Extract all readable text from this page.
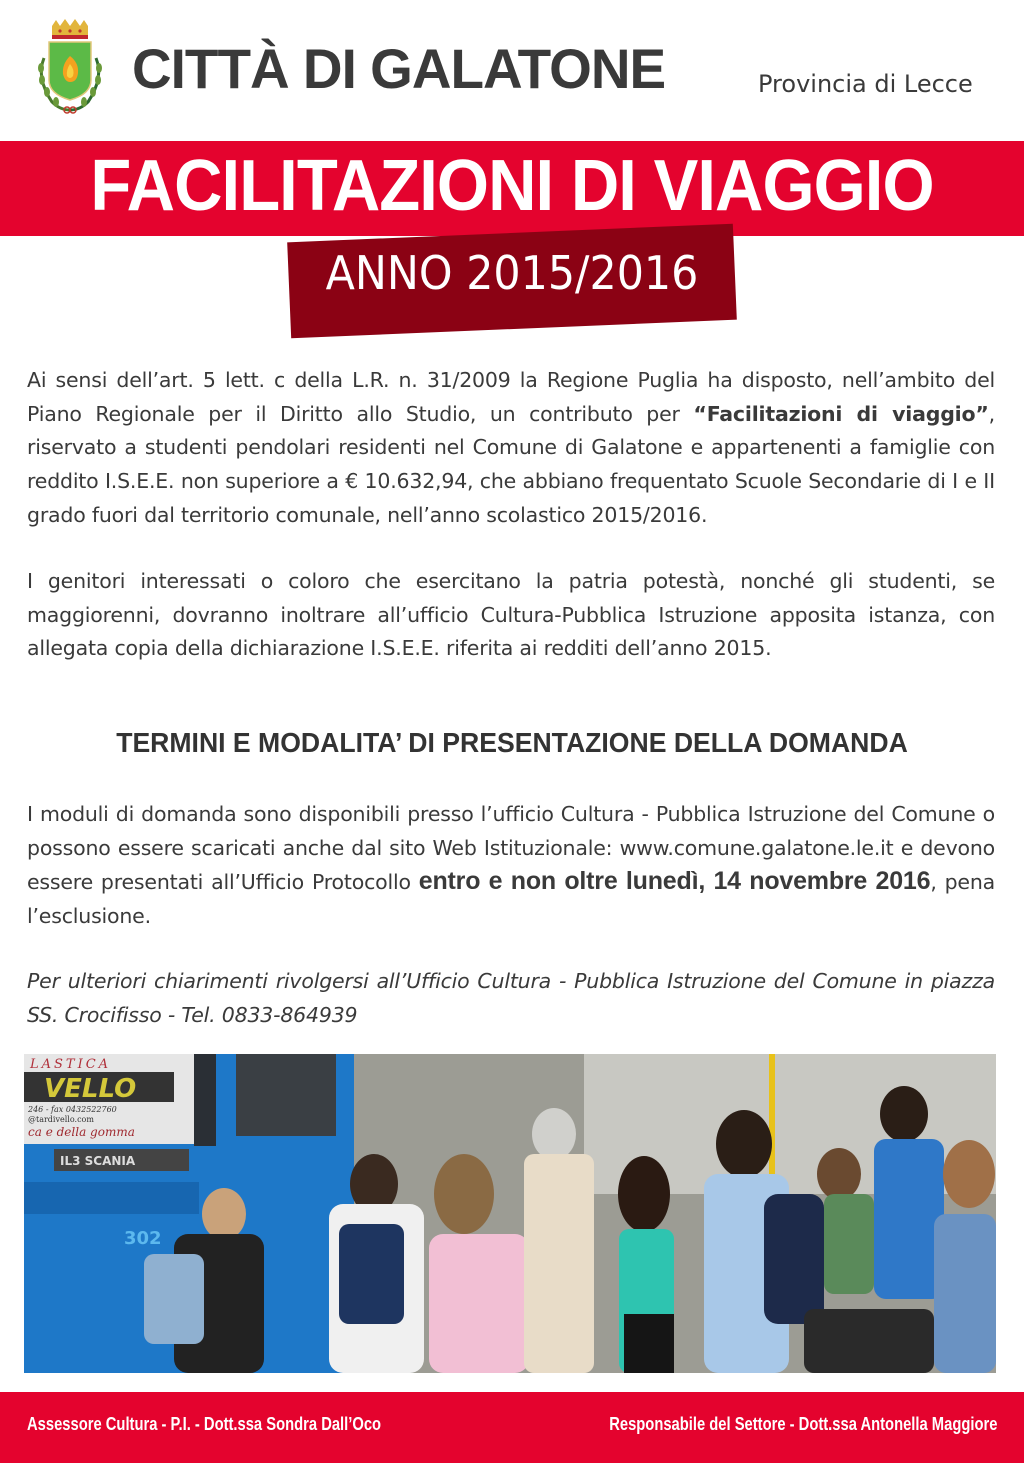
CITTÀ DI GALATONE	Provincia di Lecce
FACILITAZIONI DI VIAGGIO
ANNO 2015/2016
Ai sensi dell’art. 5 lett. c della L.R. n. 31/2009 la Regione Puglia ha disposto, nell’ambito del Piano Regionale per il Diritto allo Studio, un contributo per “Facilitazioni di viaggio”, riservato a studenti pendolari residenti nel Comune di Galatone e appartenenti a famiglie con reddito I.S.E.E. non superiore a € 10.632,94, che abbiano frequentato Scuole Secondarie di I e II grado fuori dal territorio comunale, nell’anno scolastico 2015/2016.
I genitori interessati o coloro che esercitano la patria potestà, nonché gli studenti, se maggiorenni, dovranno inoltrare all’ufficio Cultura-Pubblica Istruzione apposita istanza, con allegata copia della dichiarazione I.S.E.E. riferita ai redditi dell’anno 2015.
TERMINI E MODALITA’ DI PRESENTAZIONE DELLA DOMANDA
I moduli di domanda sono disponibili presso l’ufficio Cultura - Pubblica Istruzione del Comune o possono essere scaricati anche dal sito Web Istituzionale: www.comune.galatone.le.it e devono essere presentati all’Ufficio Protocollo entro e non oltre lunedì, 14 novembre 2016, pena l’esclusione.
Per ulteriori chiarimenti rivolgersi all’Ufficio Cultura - Pubblica Istruzione del Comune in piazza SS. Crocifisso - Tel. 0833-864939
LASTICA
VELLO
246 - fax 0432522760
@tardivello.com
ca e della gomma
IL3 SCANIA
302
Assessore Cultura - P.I. - Dott.ssa Sondra Dall’Oco	Responsabile del Settore - Dott.ssa Antonella Maggiore
